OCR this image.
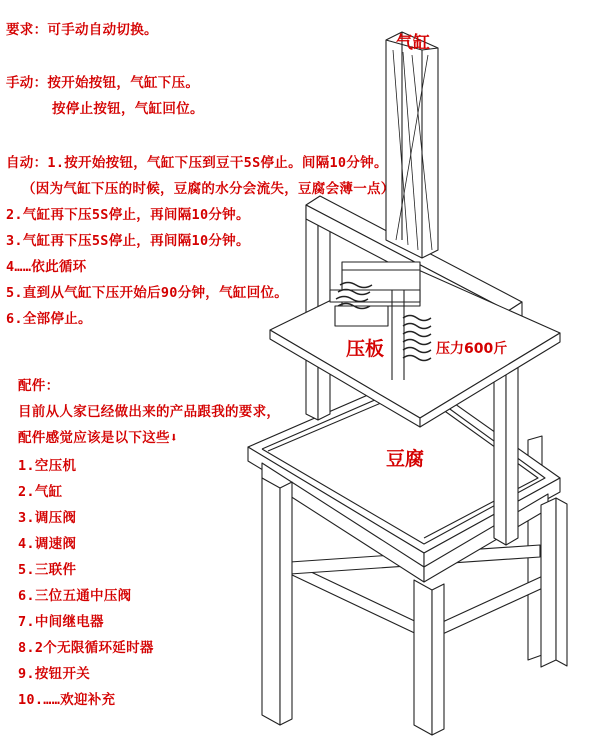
要求：可手动自动切换。
手动：按开始按钮，气缸下压。
按停止按钮，气缸回位。
自动：1.按开始按钮，气缸下压到豆干5S停止。间隔10分钟。
（因为气缸下压的时候，豆腐的水分会流失，豆腐会薄一点）
2.气缸再下压5S停止，再间隔10分钟。
3.气缸再下压5S停止，再间隔10分钟。
4……依此循环
5.直到从气缸下压开始后90分钟，气缸回位。
6.全部停止。
配件：
目前从人家已经做出来的产品跟我的要求，
配件感觉应该是以下这些⬇
1.空压机
2.气缸
3.调压阀
4.调速阀
5.三联件
6.三位五通中压阀
7.中间继电器
8.2个无限循环延时器
9.按钮开关
10.……欢迎补充
气缸
压板	压力600斤
豆腐
